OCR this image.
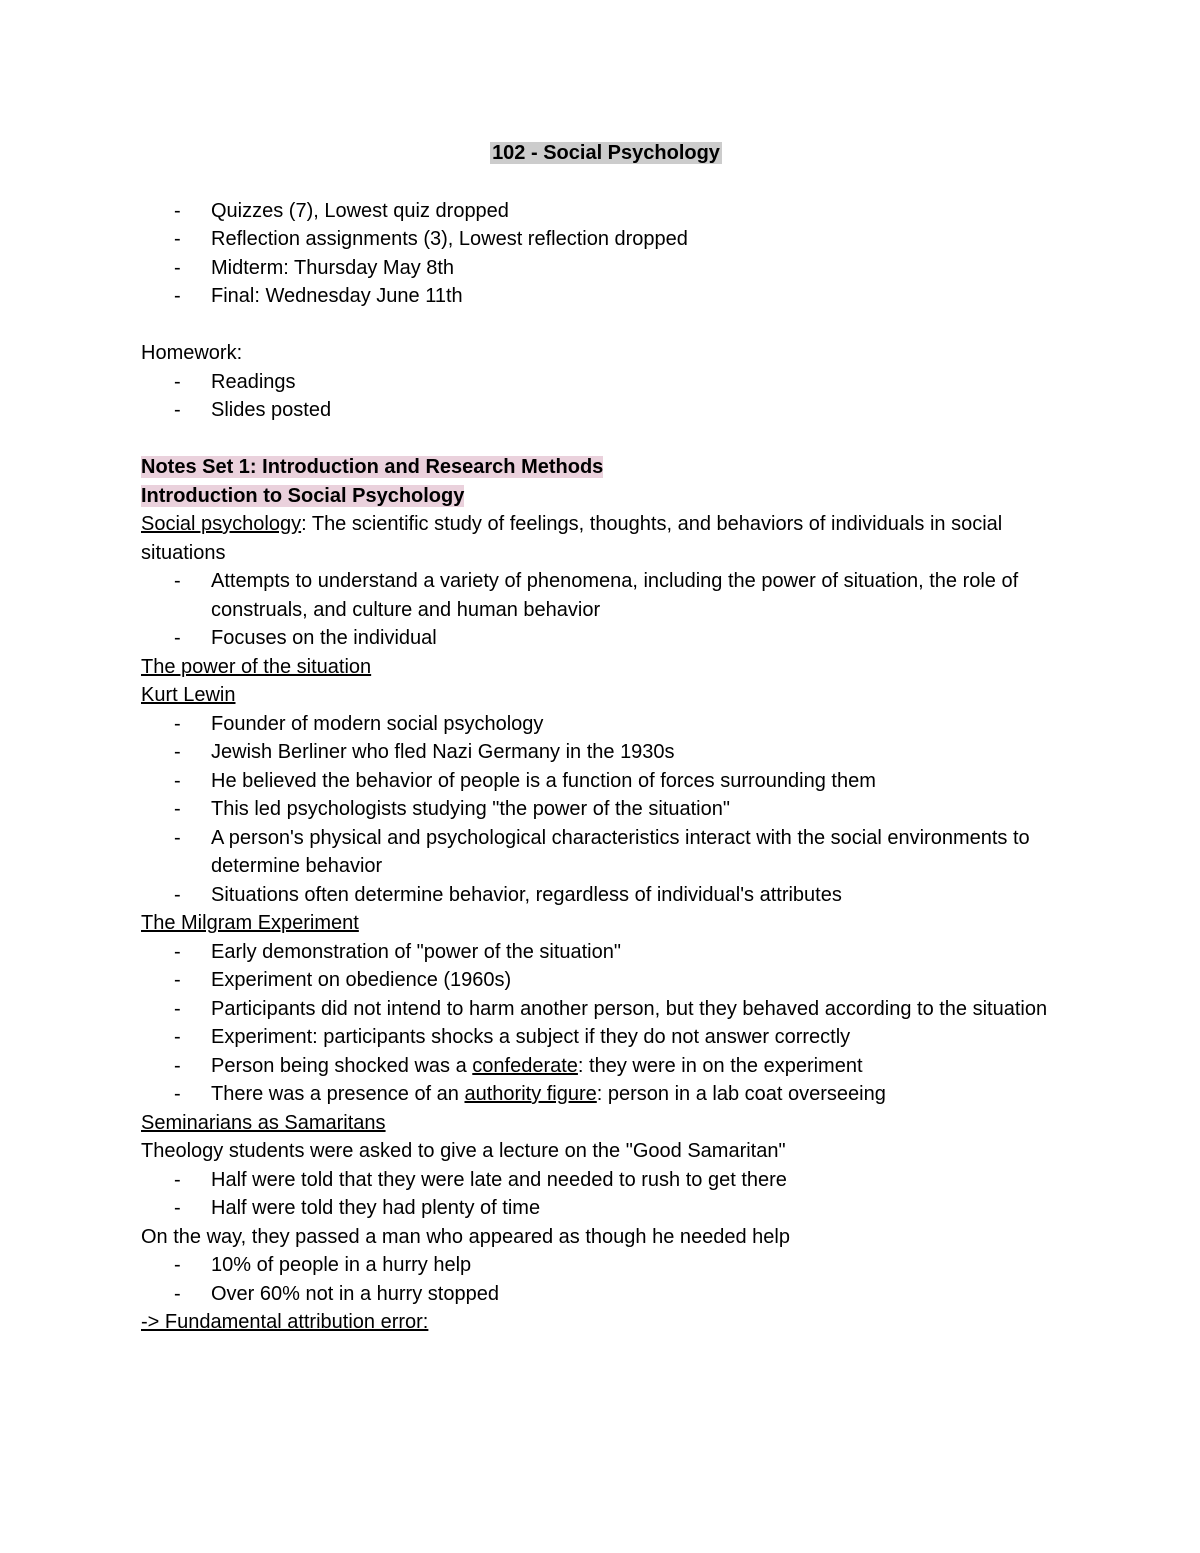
102 - Social Psychology
- Quizzes (7), Lowest quiz dropped
- Reflection assignments (3), Lowest reflection dropped
- Midterm: Thursday May 8th
- Final: Wednesday June 11th
Homework:
- Readings
- Slides posted
Notes Set 1: Introduction and Research Methods
Introduction to Social Psychology
Social psychology: The scientific study of feelings, thoughts, and behaviors of individuals in social situations
- Attempts to understand a variety of phenomena, including the power of situation, the role of construals, and culture and human behavior
- Focuses on the individual
The power of the situation
Kurt Lewin
- Founder of modern social psychology
- Jewish Berliner who fled Nazi Germany in the 1930s
- He believed the behavior of people is a function of forces surrounding them
- This led psychologists studying "the power of the situation"
- A person's physical and psychological characteristics interact with the social environments to determine behavior
- Situations often determine behavior, regardless of individual's attributes
The Milgram Experiment
- Early demonstration of "power of the situation"
- Experiment on obedience (1960s)
- Participants did not intend to harm another person, but they behaved according to the situation
- Experiment: participants shocks a subject if they do not answer correctly
- Person being shocked was a confederate: they were in on the experiment
- There was a presence of an authority figure: person in a lab coat overseeing
Seminarians as Samaritans
Theology students were asked to give a lecture on the "Good Samaritan"
- Half were told that they were late and needed to rush to get there
- Half were told they had plenty of time
On the way, they passed a man who appeared as though he needed help
- 10% of people in a hurry help
- Over 60% not in a hurry stopped
-> Fundamental attribution error:
